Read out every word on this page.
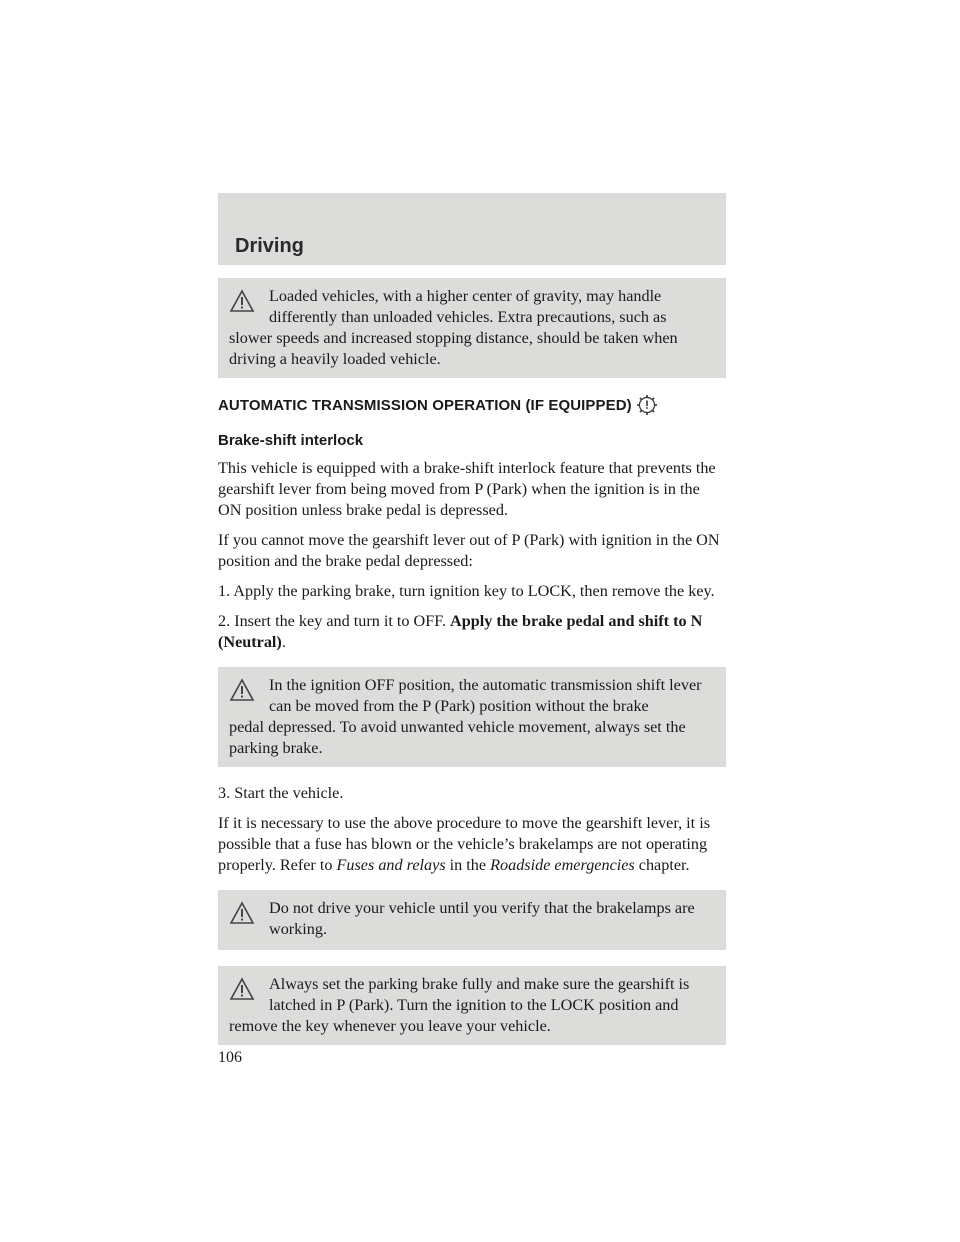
Driving
Loaded vehicles, with a higher center of gravity, may handle differently than unloaded vehicles. Extra precautions, such as
slower speeds and increased stopping distance, should be taken when driving a heavily loaded vehicle.
AUTOMATIC TRANSMISSION OPERATION (IF EQUIPPED)
Brake-shift interlock

This vehicle is equipped with a brake-shift interlock feature that prevents the gearshift lever from being moved from P (Park) when the ignition is in the ON position unless brake pedal is depressed.

If you cannot move the gearshift lever out of P (Park) with ignition in the ON position and the brake pedal depressed:

1. Apply the parking brake, turn ignition key to LOCK, then remove the key.

2. Insert the key and turn it to OFF. Apply the brake pedal and shift to N (Neutral).

In the ignition OFF position, the automatic transmission shift lever can be moved from the P (Park) position without the brake
pedal depressed. To avoid unwanted vehicle movement, always set the parking brake.

3. Start the vehicle.

If it is necessary to use the above procedure to move the gearshift lever, it is possible that a fuse has blown or the vehicle’s brakelamps are not operating properly. Refer to Fuses and relays in the Roadside emergencies chapter.

Do not drive your vehicle until you verify that the brakelamps are working.
Always set the parking brake fully and make sure the gearshift is latched in P (Park). Turn the ignition to the LOCK position and
remove the key whenever you leave your vehicle.
106
